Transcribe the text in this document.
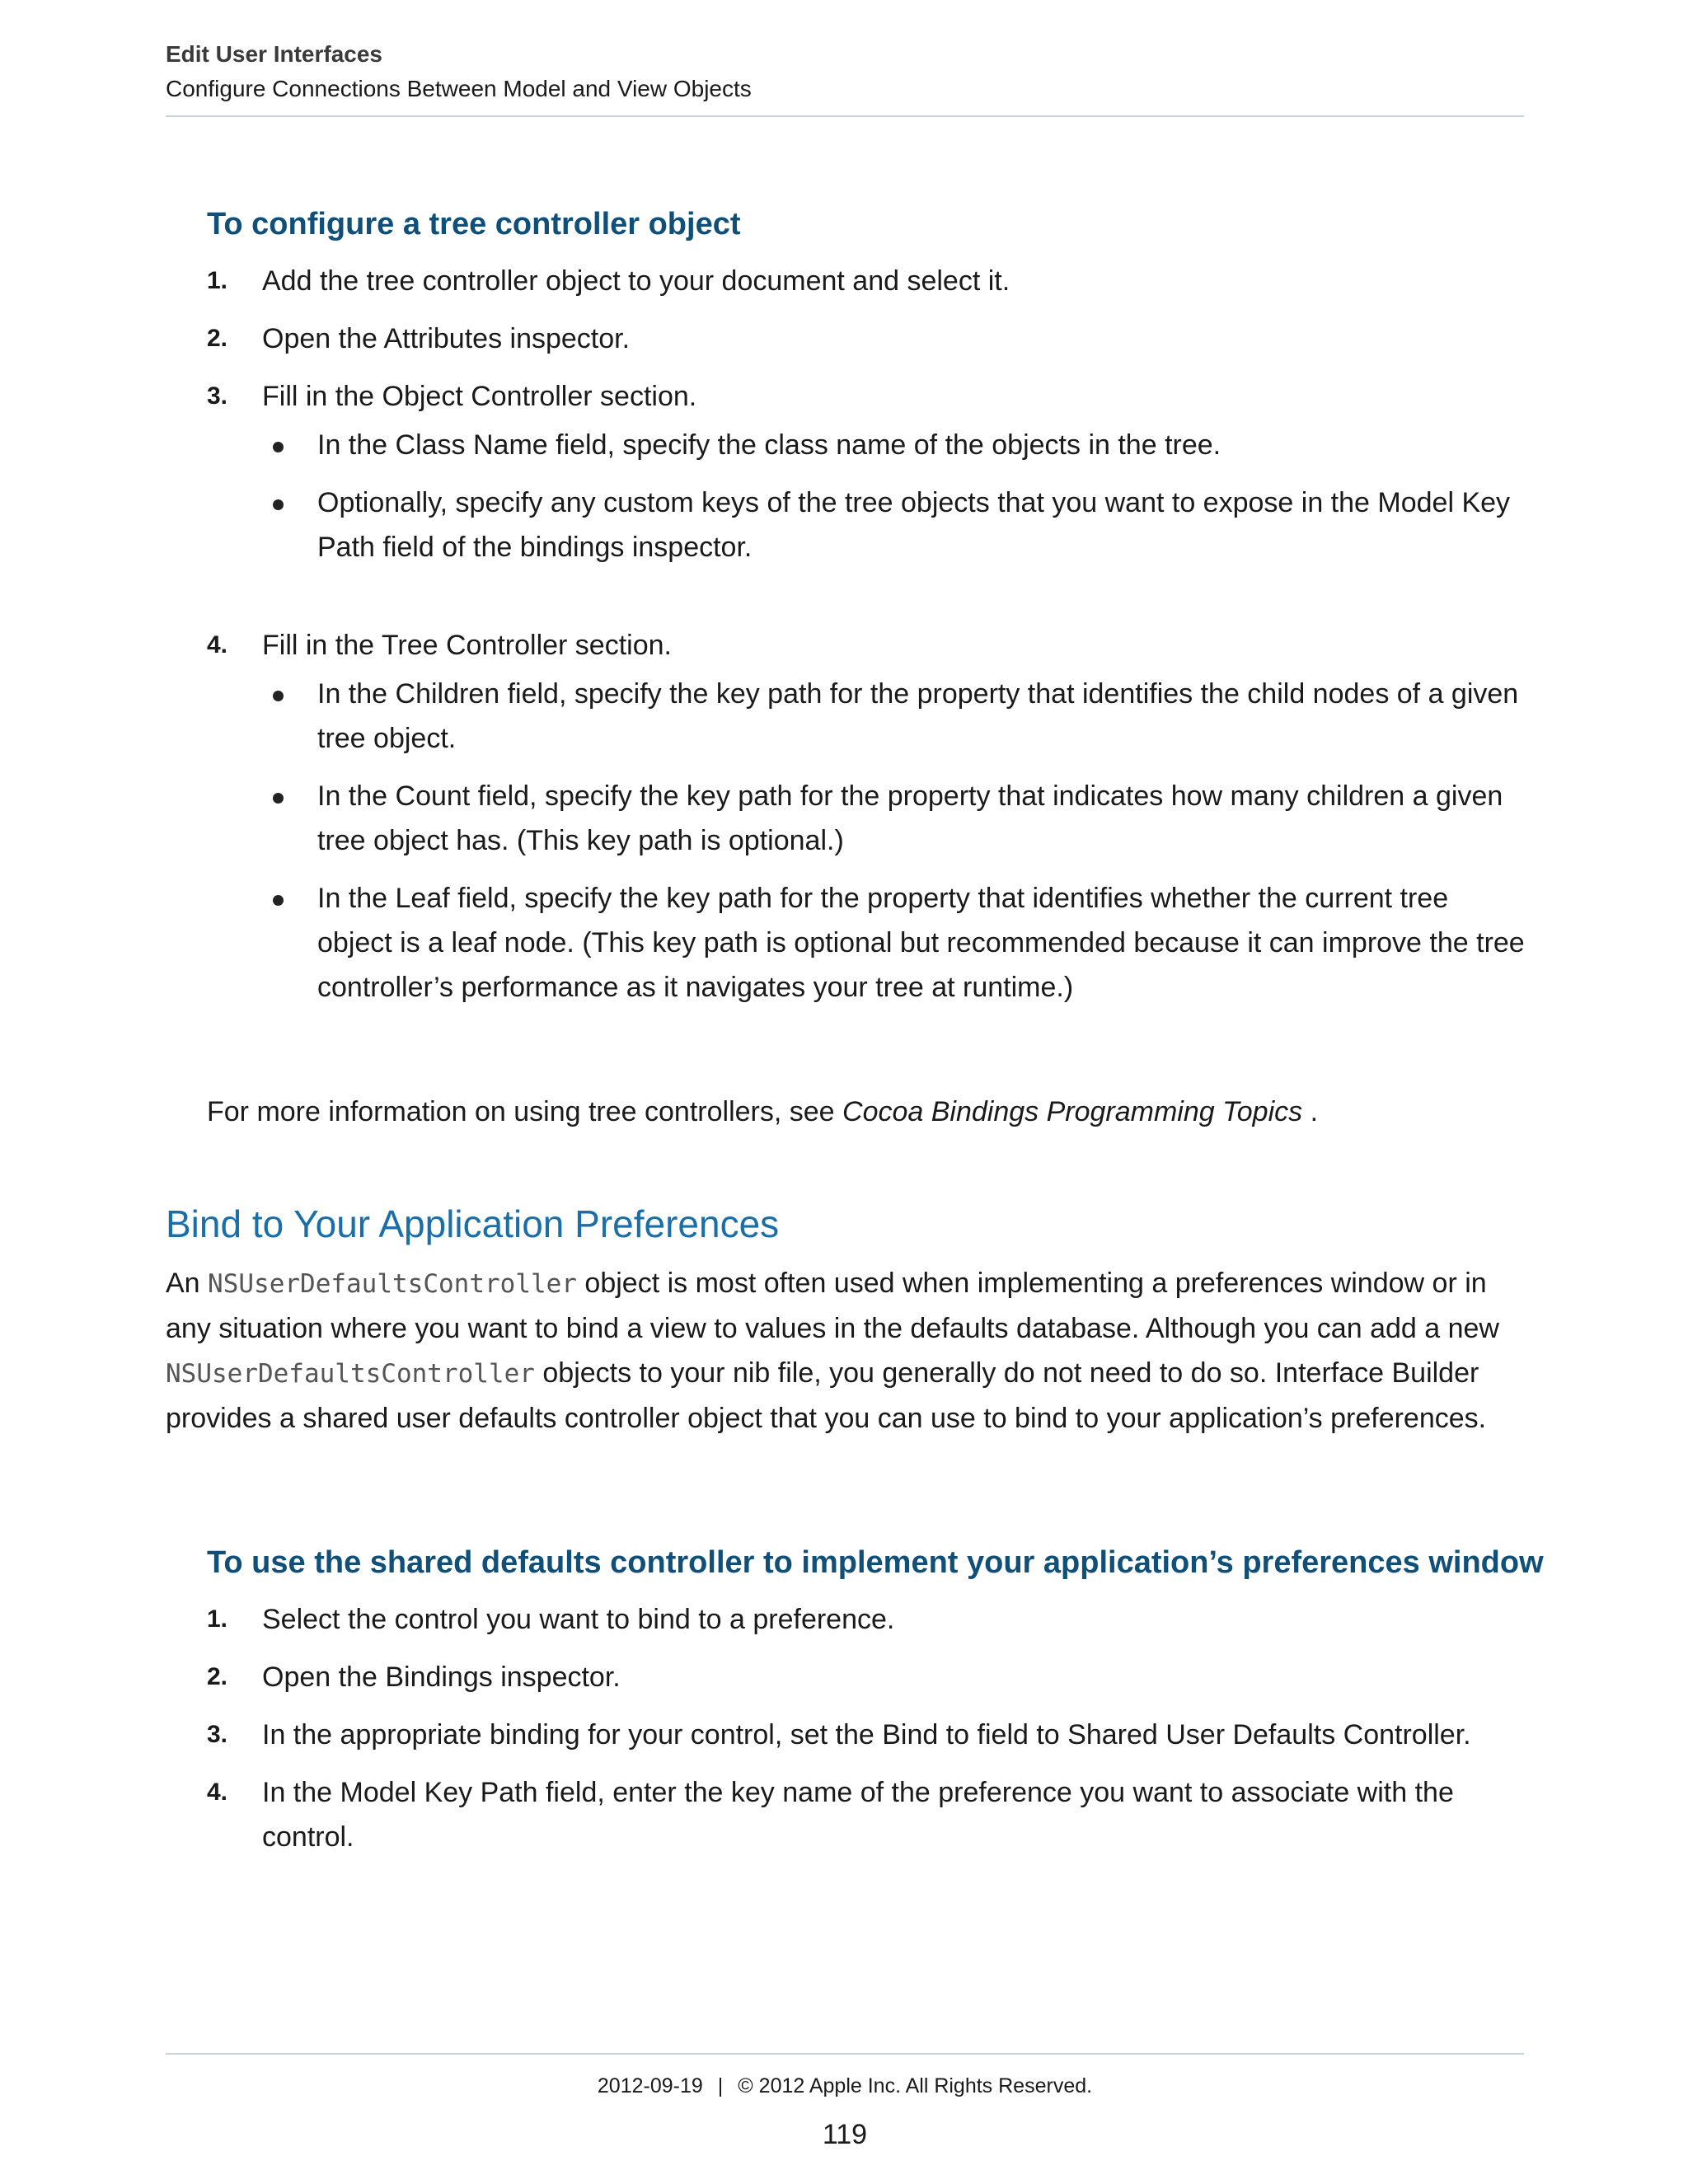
Edit User Interfaces
Configure Connections Between Model and View Objects
To configure a tree controller object
1. Add the tree controller object to your document and select it.
2. Open the Attributes inspector.
3. Fill in the Object Controller section.
In the Class Name field, specify the class name of the objects in the tree.
Optionally, specify any custom keys of the tree objects that you want to expose in the Model Key Path field of the bindings inspector.
4. Fill in the Tree Controller section.
In the Children field, specify the key path for the property that identifies the child nodes of a given tree object.
In the Count field, specify the key path for the property that indicates how many children a given tree object has. (This key path is optional.)
In the Leaf field, specify the key path for the property that identifies whether the current tree object is a leaf node. (This key path is optional but recommended because it can improve the tree controller’s performance as it navigates your tree at runtime.)
For more information on using tree controllers, see Cocoa Bindings Programming Topics .
Bind to Your Application Preferences
An NSUserDefaultsController object is most often used when implementing a preferences window or in any situation where you want to bind a view to values in the defaults database. Although you can add a new NSUserDefaultsController objects to your nib file, you generally do not need to do so. Interface Builder provides a shared user defaults controller object that you can use to bind to your application’s preferences.
To use the shared defaults controller to implement your application’s preferences window
1. Select the control you want to bind to a preference.
2. Open the Bindings inspector.
3. In the appropriate binding for your control, set the Bind to field to Shared User Defaults Controller.
4. In the Model Key Path field, enter the key name of the preference you want to associate with the control.
2012-09-19 | © 2012 Apple Inc. All Rights Reserved.
119
